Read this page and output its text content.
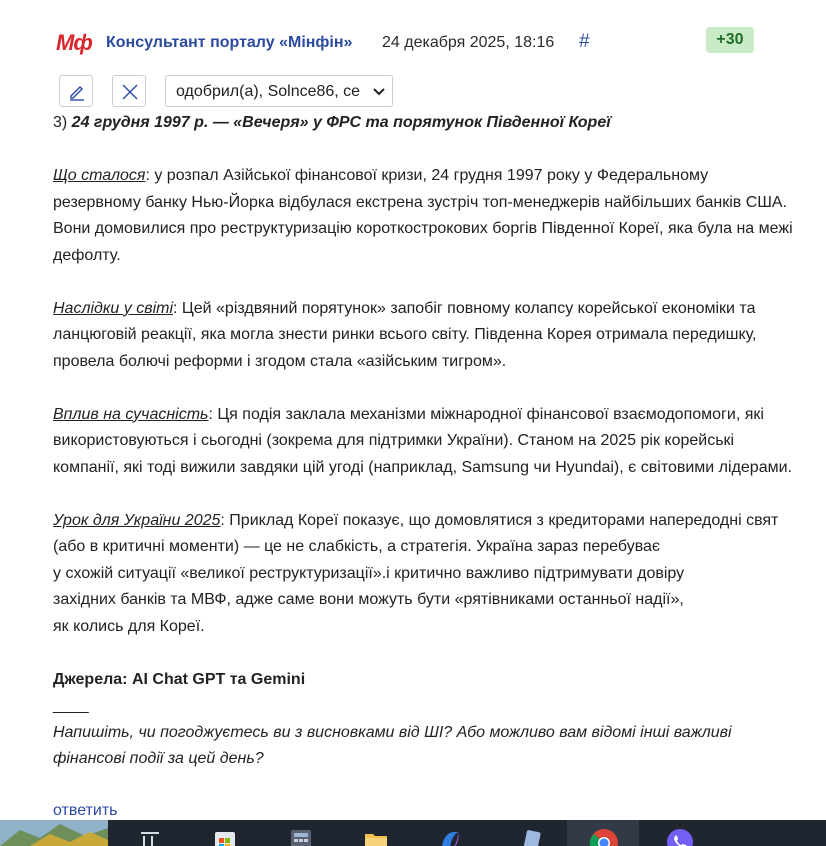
Мф Консультант порталу «Мінфін» 24 декабря 2025, 18:16 #	+30
одобрил(а), Solnce86, се

3) 24 грудня 1997 р. — «Вечеря» у ФРС та порятунок Південної Кореї

Що сталося: у розпал Азійської фінансової кризи, 24 грудня 1997 року у Федеральному резервному банку Нью-Йорка відбулася екстрена зустріч топ-менеджерів найбільших банків США. Вони домовилися про реструктуризацію короткострокових боргів Південної Кореї, яка була на межі дефолту.

Наслідки у світі: Цей «різдвяний порятунок» запобіг повному колапсу корейської економіки та ланцюговій реакції, яка могла знести ринки всього світу. Південна Корея отримала передишку, провела болючі реформи і згодом стала «азійським тигром».

Вплив на сучасність: Ця подія заклала механізми міжнародної фінансової взаємодопомоги, які використовуються і сьогодні (зокрема для підтримки України). Станом на 2025 рік корейські компанії, які тоді вижили завдяки цій угоді (наприклад, Samsung чи Hyundai), є світовими лідерами.

Урок для України 2025: Приклад Кореї показує, що домовлятися з кредиторами напередодні свят (або в критичні моменти) — це не слабкість, а стратегія. Україна зараз перебуває
у схожій ситуації «великої реструктуризації».і критично важливо підтримувати довіру
західних банків та МВФ, адже саме вони можуть бути «рятівниками останньої надії»,
як колись для Кореї.

Джерела: AI Chat GPT та Gemini

____

Напишіть, чи погоджуєтесь ви з висновками від ШІ? Або можливо вам відомі інші важливі фінансові події за цей день?

ответить
